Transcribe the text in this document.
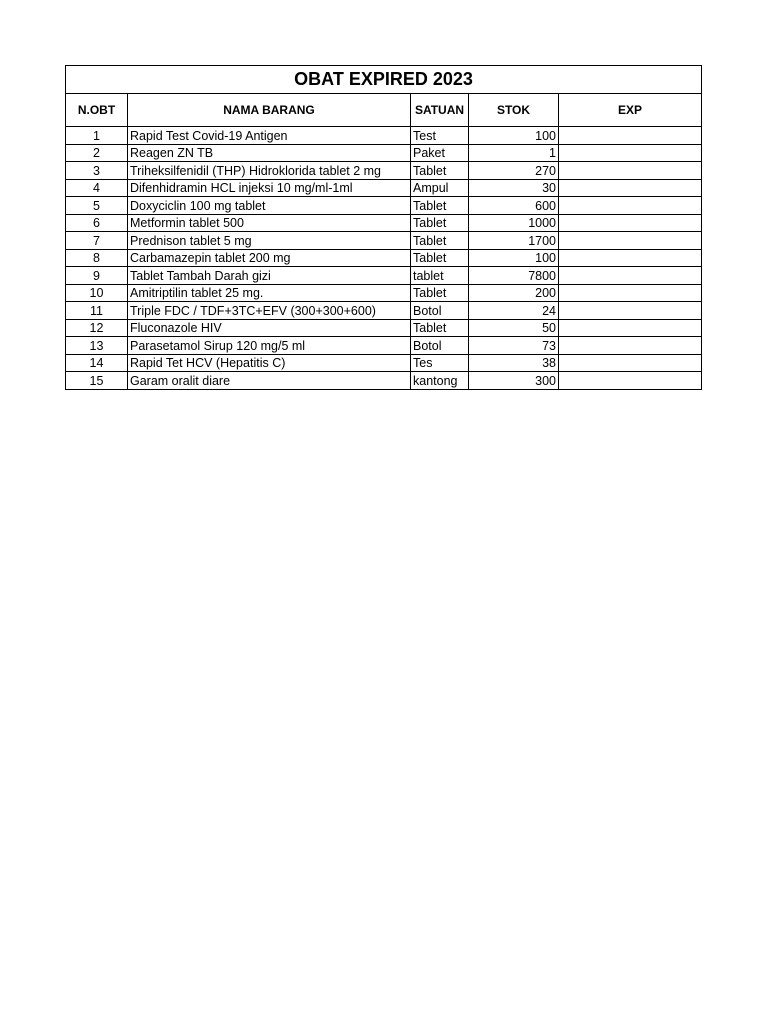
OBAT EXPIRED 2023				
N.OBT	NAMA BARANG	SATUAN	STOK	EXP
1	Rapid Test Covid-19 Antigen	Test	100	
2	Reagen ZN TB	Paket	1	
3	Triheksilfenidil (THP) Hidroklorida tablet 2 mg	Tablet	270	
4	Difenhidramin HCL injeksi 10 mg/ml-1ml	Ampul	30	
5	Doxyciclin 100 mg tablet	Tablet	600	
6	Metformin tablet 500	Tablet	1000	
7	Prednison tablet 5 mg	Tablet	1700	
8	Carbamazepin tablet 200 mg	Tablet	100	
9	Tablet Tambah Darah gizi	tablet	7800	
10	Amitriptilin tablet 25 mg.	Tablet	200	
11	Triple FDC / TDF+3TC+EFV (300+300+600)	Botol	24	
12	Fluconazole HIV	Tablet	50	
13	Parasetamol Sirup 120 mg/5 ml	Botol	73	
14	Rapid Tet HCV (Hepatitis C)	Tes	38	
15	Garam oralit diare	kantong	300	
